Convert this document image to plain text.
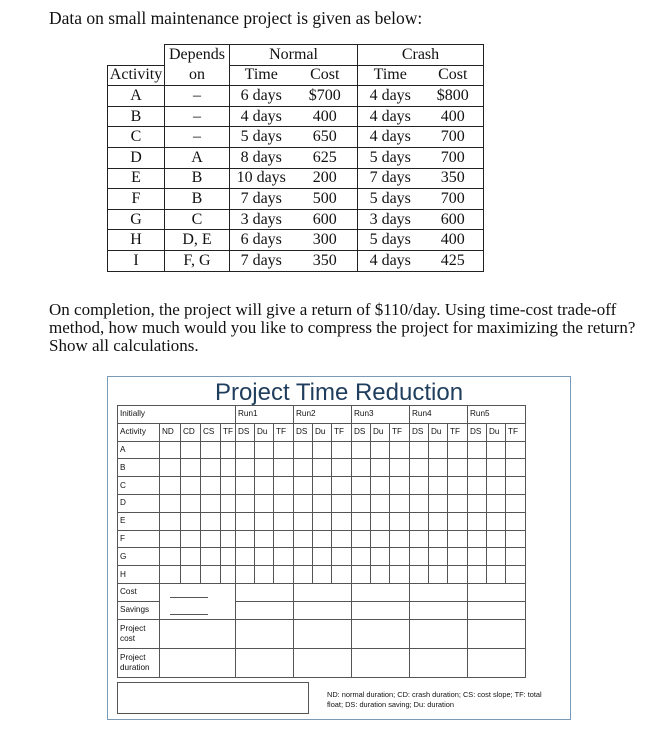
Data on small maintenance project is given as below:
	Depends	Normal		Crash	
Activity	on	Time	Cost	Time	Cost
A	–	6 days	$700	4 days	$800
B	–	4 days	400	4 days	400
C	–	5 days	650	4 days	700
D	A	8 days	625	5 days	700
E	B	10 days	200	7 days	350
F	B	7 days	500	5 days	700
G	C	3 days	600	3 days	600
H	D, E	6 days	300	5 days	400
I	F, G	7 days	350	4 days	425
On completion, the project will give a return of $110/day. Using time-cost trade-off method, how much would you like to compress the project for maximizing the return? Show all calculations.
Project Time Reduction
Initially					Run1			Run2			Run3			Run4			Run5		
Activity	ND	CD	CS	TF	DS	Du	TF	DS	Du	TF	DS	Du	TF	DS	Du	TF	DS	Du	TF
A																			
B																			
C																			
D																			
E																			
F																			
G																			
H																			
Cost														

Savings														

Project cost																			
Project duration																			
ND: normal duration; CD: crash duration; CS: cost slope; TF: total float; DS: duration saving; Du: duration
